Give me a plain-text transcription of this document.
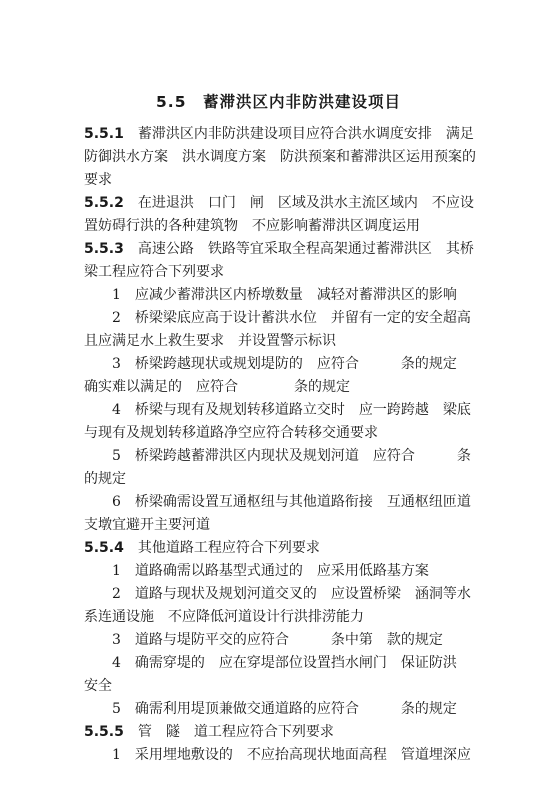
5.5　蓄滞洪区内非防洪建设项目
5.5.1　 蓄滞洪区内非防洪建设项目应符合洪水调度安排　满足
防御洪水方案　洪水调度方案　防洪预案和蓄滞洪区运用预案的
要求
5.5.2　 在进退洪　口门　闸　区域及洪水主流区域内　不应设
置妨碍行洪的各种建筑物　不应影响蓄滞洪区调度运用
5.5.3　 高速公路　铁路等宜采取全程高架通过蓄滞洪区　其桥
梁工程应符合下列要求
1　应减少蓄滞洪区内桥墩数量　减轻对蓄滞洪区的影响
2　桥梁梁底应高于设计蓄洪水位　并留有一定的安全超高
且应满足水上救生要求　并设置警示标识
3　桥梁跨越现状或规划堤防的　应符合　　　条的规定
确实难以满足的　应符合　　　　条的规定
4　桥梁与现有及规划转移道路立交时　应一跨跨越　梁底
与现有及规划转移道路净空应符合转移交通要求
5　桥梁跨越蓄滞洪区内现状及规划河道　应符合　　　条
的规定
6　桥梁确需设置互通枢纽与其他道路衔接　互通枢纽匝道
支墩宜避开主要河道
5.5.4　 其他道路工程应符合下列要求
1　道路确需以路基型式通过的　应采用低路基方案
2　道路与现状及规划河道交叉的　应设置桥梁　涵洞等水
系连通设施　不应降低河道设计行洪排涝能力
3　道路与堤防平交的应符合　　　条中第　款的规定
4　确需穿堤的　应在穿堤部位设置挡水闸门　保证防洪
安全
5　确需利用堤顶兼做交通道路的应符合　　　条的规定
5.5.5　 管　隧　道工程应符合下列要求
1　采用埋地敷设的　不应抬高现状地面高程　管道埋深应
